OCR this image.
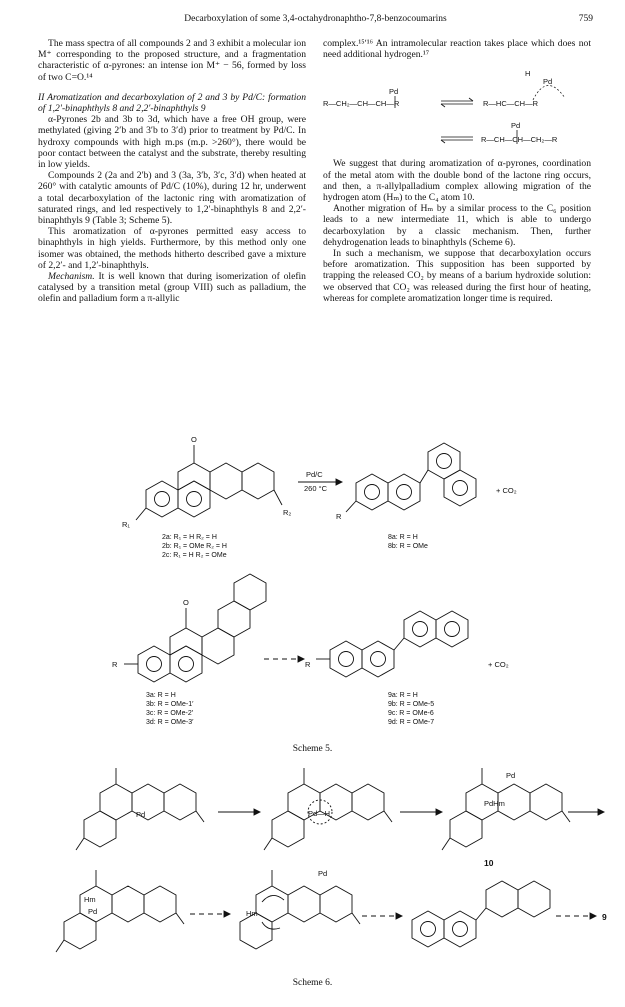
Decarboxylation of some 3,4-octahydronaphtho-7,8-benzocoumarins	759

The mass spectra of all compounds 2 and 3 exhibit a molecular ion M⁺ corresponding to the proposed structure, and a fragmentation characteristic of α-pyrones: an intense ion M⁺ − 56, formed by loss of two C=O.¹⁴

II Aromatization and decarboxylation of 2 and 3 by Pd/C: formation of 1,2′-binaphthyls 8 and 2,2′-binaphthyls 9

α-Pyrones 2b and 3b to 3d, which have a free OH group, were methylated (giving 2′b and 3′b to 3′d) prior to treatment by Pd/C. In hydroxy compounds with high m.ps (m.p. >260°), there would be poor contact between the catalyst and the substrate, thereby resulting in low yields.

Compounds 2 (2a and 2′b) and 3 (3a, 3′b, 3′c, 3′d) when heated at 260° with catalytic amounts of Pd/C (10%), during 12 hr, underwent a total decarboxylation of the lactonic ring with aromatization of saturated rings, and led respectively to 1,2′-binaphthyls 8 and 2,2′-binaphthyls 9 (Table 3; Scheme 5).

This aromatization of α-pyrones permitted easy access to binaphthyls in high yields. Furthermore, by this method only one isomer was obtained, the methods hitherto described gave a mixture of 2,2′- and 1,2′-binaphthyls.

Mechanism. It is well known that during isomerization of olefin catalysed by a transition metal (group VIII) such as palladium, the olefin and palladium form a π-allylic

complex.¹⁵ʹ¹⁶ An intramolecular reaction takes place which does not need additional hydrogen.¹⁷

Pd
R—CH₂—CH—CH—R	R—HC—CH—R
Pd
H
Pd
R—CH—CH—CH₂—R

We suggest that during aromatization of α-pyrones, coordination of the metal atom with the double bond of the lactone ring occurs, and then, a π-allylpalladium complex allowing migration of the hydrogen atom (Hₘ) to the C₄ atom 10.

Another migration of Hₘ by a similar process to the C₆ position leads to a new intermediate 11, which is able to undergo decarboxylation by a classic mechanism. Then, further dehydrogenation leads to binaphthyls (Scheme 6).

In such a mechanism, we suppose that decarboxylation occurs before aromatization. This supposition has been supported by trapping the released CO₂ by means of a barium hydroxide solution: we observed that CO₂ was released during the first hour of heating, whereas for complete aromatization longer time is required.

O
O
R₁
R₂
Pd/C
260 °C
R
+ CO₂
R	R	+ CO₂
2a: R₁ = H R₂ = H
2b: R₁ = OMe R₂ = H
2c: R₁ = H R₂ = OMe
8a: R = H
8b: R = OMe
3a: R = H
3b: R = OMe-1′
3c: R = OMe-2′
3d: R = OMe-3′
9a: R = H
9b: R = OMe-5
9c: R = OMe-6
9d: R = OMe-7
Scheme 5.
Pd	Pd—H
Pd
PdHm
10
Hm
Pd
Pd
Hm	9
Scheme 6.
